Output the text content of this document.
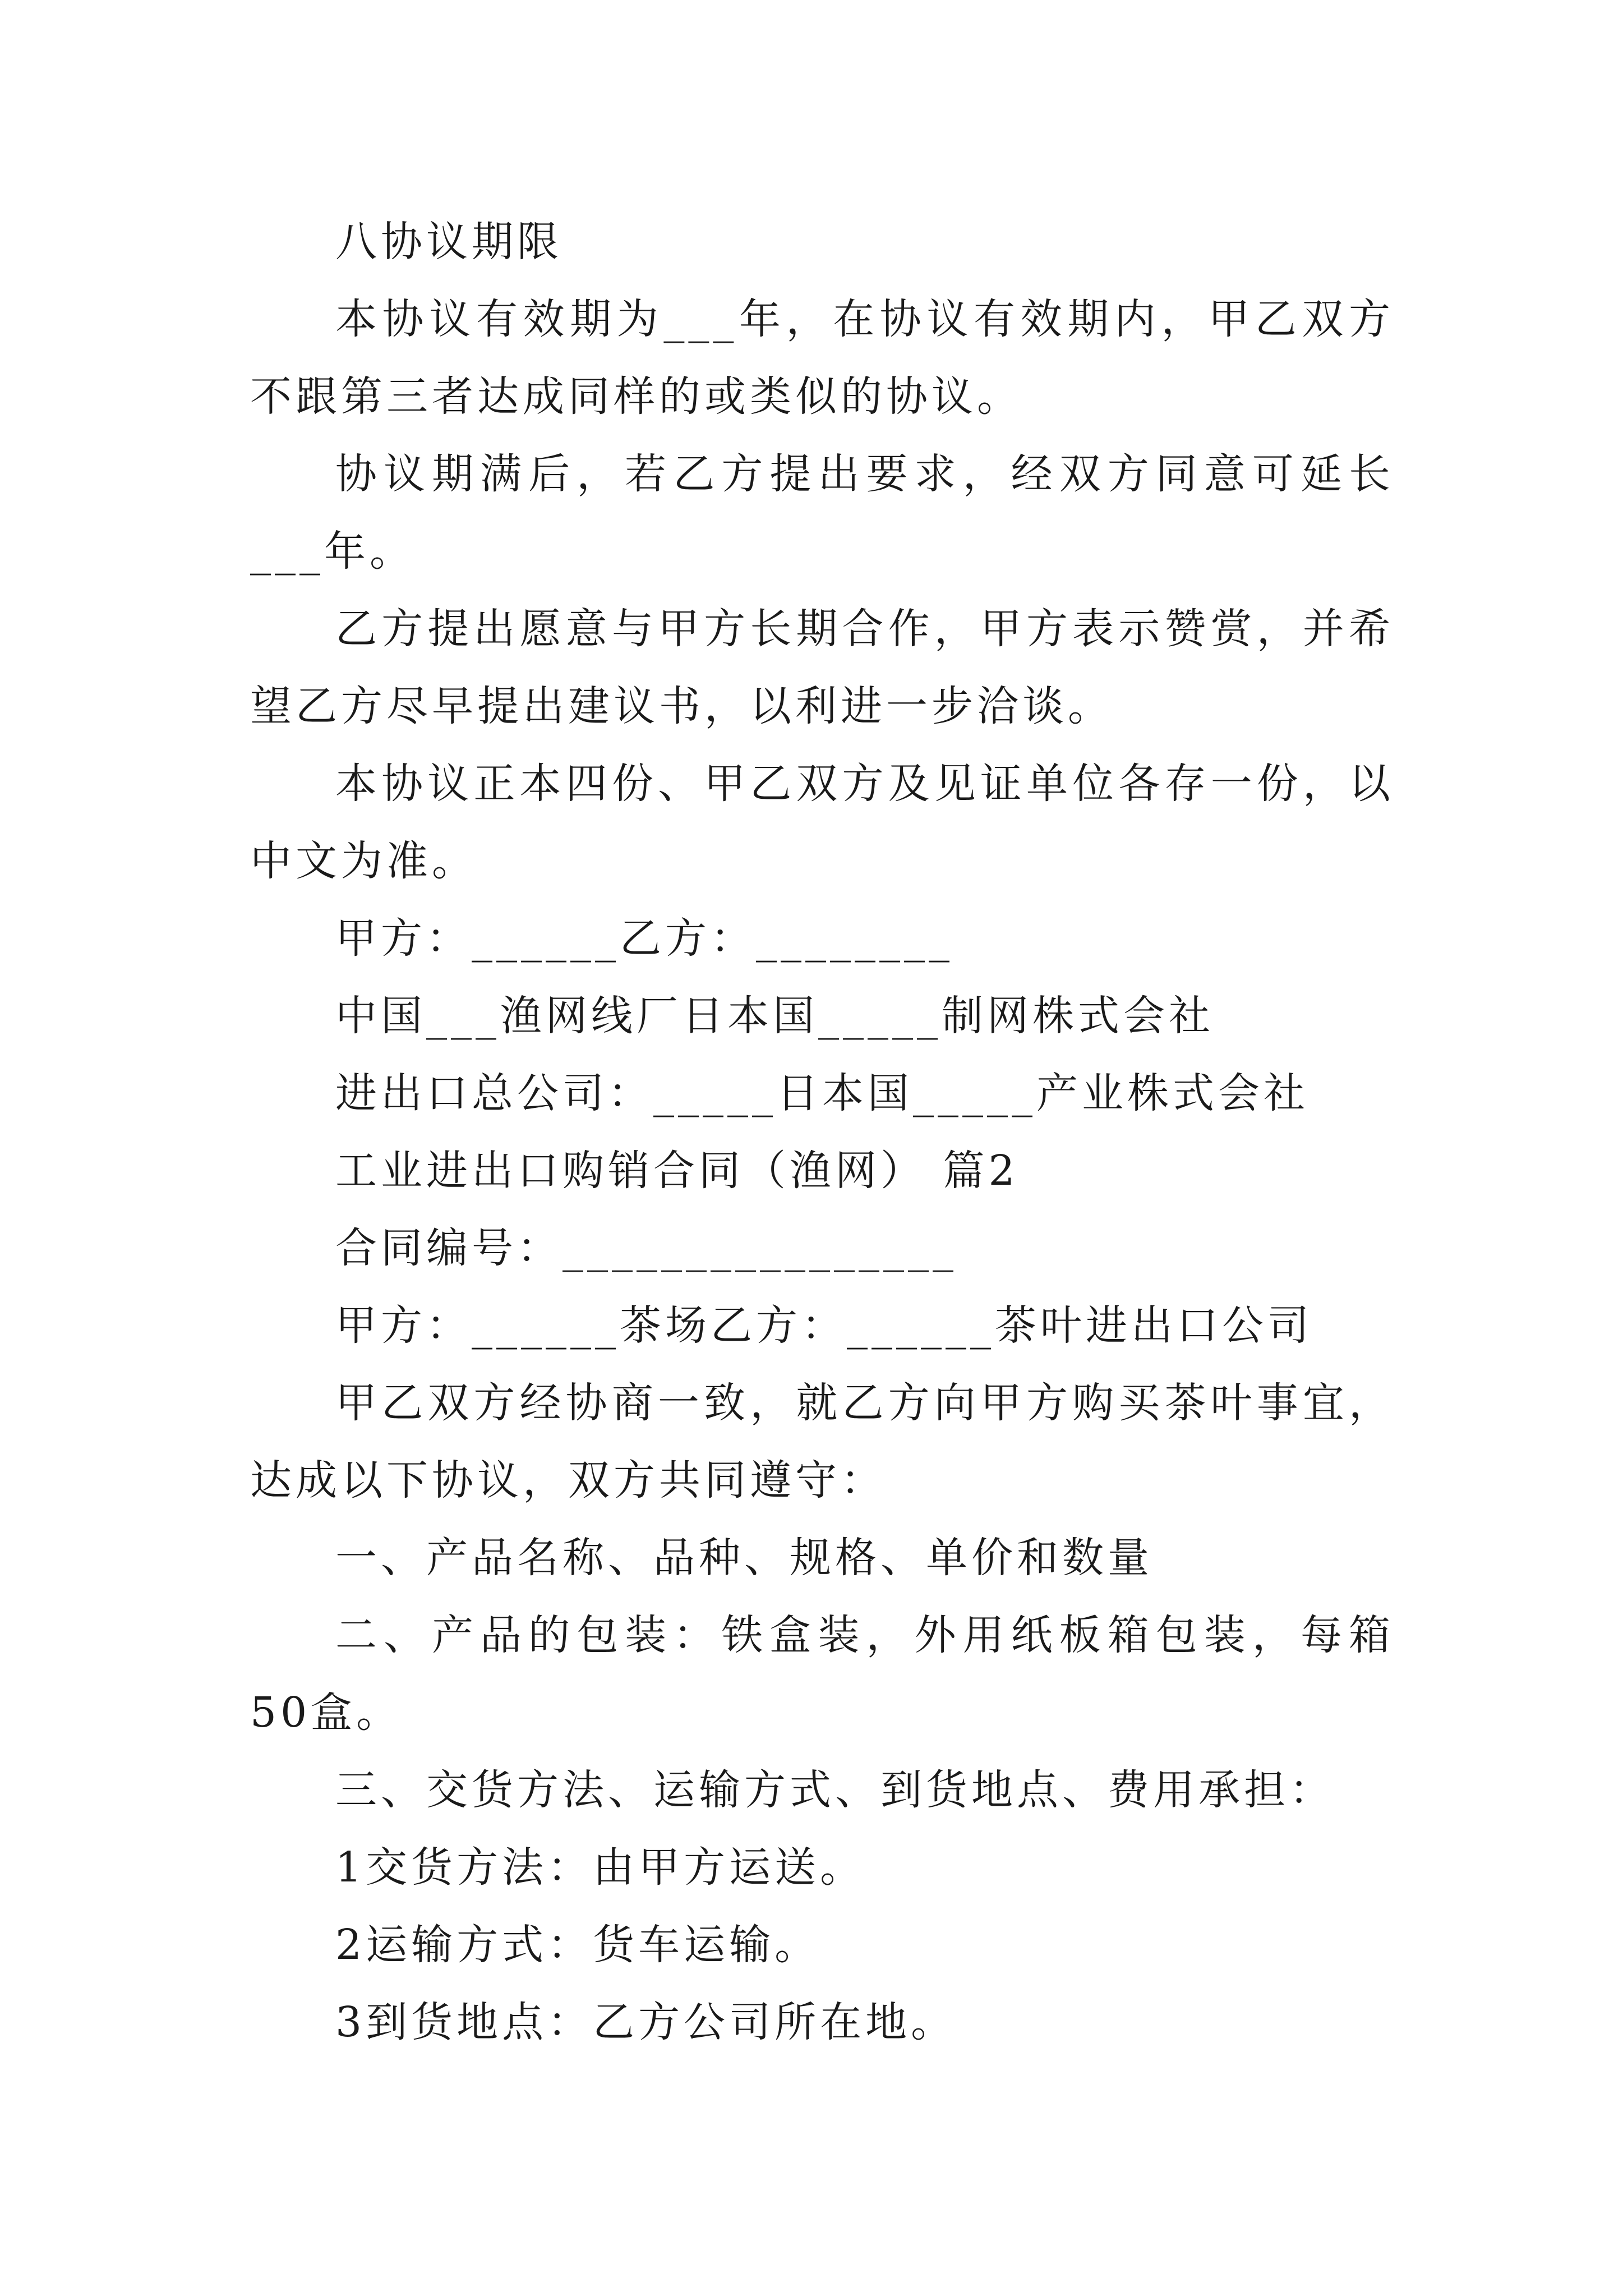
八协议期限

本协议有效期为___年，在协议有效期内，甲乙双方不跟第三者达成同样的或类似的协议。

协议期满后，若乙方提出要求，经双方同意可延长___年。

乙方提出愿意与甲方长期合作，甲方表示赞赏，并希望乙方尽早提出建议书，以利进一步洽谈。

本协议正本四份、甲乙双方及见证单位各存一份，以中文为准。

甲方：______乙方：________

中国___渔网线厂日本国_____制网株式会社

进出口总公司：_____日本国_____产业株式会社

工业进出口购销合同（渔网） 篇2

合同编号：________________

甲方：______茶场乙方：______茶叶进出口公司

甲乙双方经协商一致，就乙方向甲方购买茶叶事宜，达成以下协议，双方共同遵守：

一、产品名称、品种、规格、单价和数量

二、产品的包装：铁盒装，外用纸板箱包装，每箱50盒。

三、交货方法、运输方式、到货地点、费用承担：

1交货方法：由甲方运送。

2运输方式：货车运输。

3到货地点：乙方公司所在地。
